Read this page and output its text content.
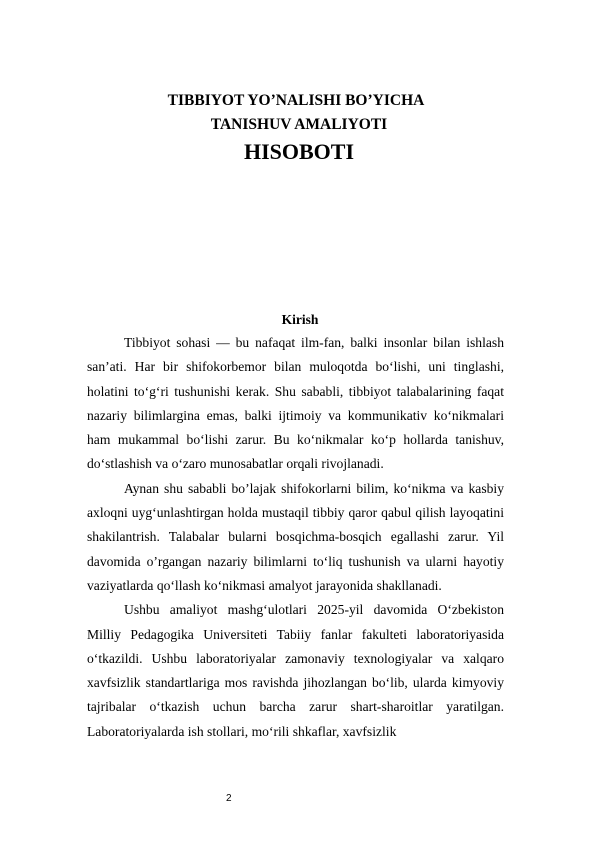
TIBBIYOT YO’NALISHI BO’YICHA
TANISHUV AMALIYOTI
HISOBOTI
Kirish

Tibbiyot sohasi — bu nafaqat ilm-fan, balki insonlar bilan ishlash san’ati. Har bir shifokorbemor bilan muloqotda bo‘lishi, uni tinglashi, holatini to‘g‘ri tushunishi kerak. Shu sababli, tibbiyot talabalarining faqat nazariy bilimlargina emas, balki ijtimoiy va kommunikativ ko‘nikmalari ham mukammal bo‘lishi zarur. Bu ko‘nikmalar ko‘p hollarda tanishuv, do‘stlashish va o‘zaro munosabatlar orqali rivojlanadi.

Aynan shu sababli bo’lajak shifokorlarni bilim, ko‘nikma va kasbiy axloqni uyg‘unlashtirgan holda mustaqil tibbiy qaror qabul qilish layoqatini shakilantrish. Talabalar bularni bosqichma-bosqich egallashi zarur. Yil davomida o’rgangan nazariy bilimlarni to‘liq tushunish va ularni hayotiy vaziyatlarda qo‘llash ko‘nikmasi amalyot jarayonida shakllanadi.

Ushbu amaliyot mashg‘ulotlari 2025-yil davomida O‘zbekiston Milliy Pedagogika Universiteti Tabiiy fanlar fakulteti laboratoriyasida o‘tkazildi. Ushbu laboratoriyalar zamonaviy texnologiyalar va xalqaro xavfsizlik standartlariga mos ravishda jihozlangan bo‘lib, ularda kimyoviy tajribalar o‘tkazish uchun barcha zarur shart-sharoitlar yaratilgan. Laboratoriyalarda ish stollari, mo‘rili shkaflar, xavfsizlik

2
